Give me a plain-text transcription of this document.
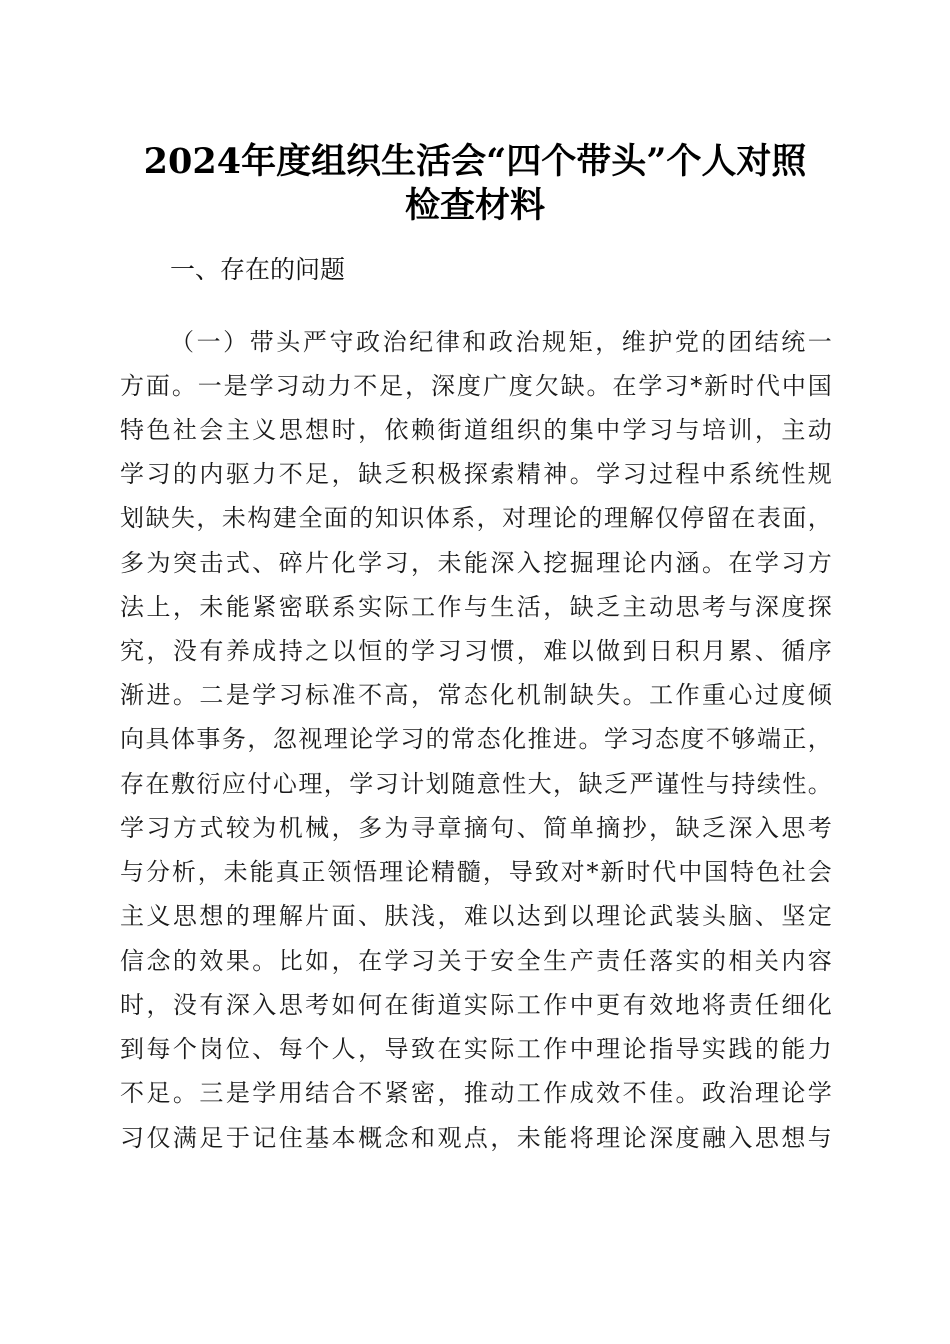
2024年度组织生活会“四个带头”个人对照
检查材料
一、存在的问题
（一）带头严守政治纪律和政治规矩，维护党的团结统一
方面。一是学习动力不足，深度广度欠缺。在学习*新时代中国
特色社会主义思想时，依赖街道组织的集中学习与培训，主动
学习的内驱力不足，缺乏积极探索精神。学习过程中系统性规
划缺失，未构建全面的知识体系，对理论的理解仅停留在表面，
多为突击式、碎片化学习，未能深入挖掘理论内涵。在学习方
法上，未能紧密联系实际工作与生活，缺乏主动思考与深度探
究，没有养成持之以恒的学习习惯，难以做到日积月累、循序
渐进。二是学习标准不高，常态化机制缺失。工作重心过度倾
向具体事务，忽视理论学习的常态化推进。学习态度不够端正，
存在敷衍应付心理，学习计划随意性大，缺乏严谨性与持续性。
学习方式较为机械，多为寻章摘句、简单摘抄，缺乏深入思考
与分析，未能真正领悟理论精髓，导致对*新时代中国特色社会
主义思想的理解片面、肤浅，难以达到以理论武装头脑、坚定
信念的效果。比如，在学习关于安全生产责任落实的相关内容
时，没有深入思考如何在街道实际工作中更有效地将责任细化
到每个岗位、每个人，导致在实际工作中理论指导实践的能力
不足。三是学用结合不紧密，推动工作成效不佳。政治理论学
习仅满足于记住基本概念和观点，未能将理论深度融入思想与
